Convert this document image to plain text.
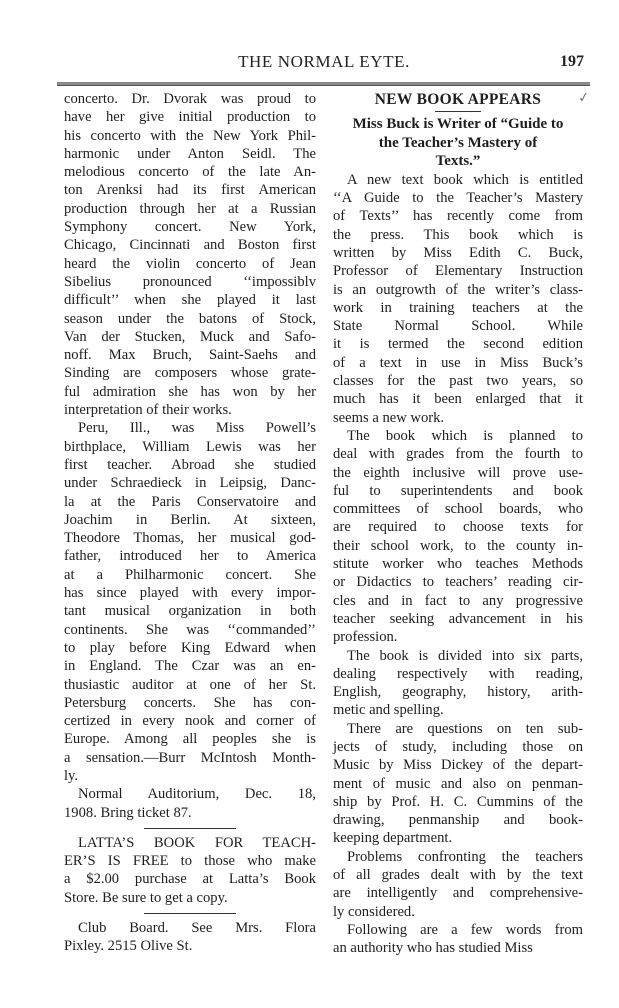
THE NORMAL EYTE.	197
✓
concerto. Dr. Dvorak was proud to
have her give initial production to
his concerto with the New York Phil-
harmonic under Anton Seidl. The
melodious concerto of the late An-
ton Arenksi had its first American
production through her at a Russian
Symphony concert. New York,
Chicago, Cincinnati and Boston first
heard the violin concerto of Jean
Sibelius pronounced ‘‘impossiblv
difficult’’ when she played it last
season under the batons of Stock,
Van der Stucken, Muck and Safo-
noff. Max Bruch, Saint-Saehs and
Sinding are composers whose grate-
ful admiration she has won by her
interpretation of their works.
Peru, Ill., was Miss Powell’s
birthplace, William Lewis was her
first teacher. Abroad she studied
under Schraedieck in Leipsig, Danc-
la at the Paris Conservatoire and
Joachim in Berlin. At sixteen,
Theodore Thomas, her musical god-
father, introduced her to America
at a Philharmonic concert. She
has since played with every impor-
tant musical organization in both
continents. She was ‘‘commanded’’
to play before King Edward when
in England. The Czar was an en-
thusiastic auditor at one of her St.
Petersburg concerts. She has con-
certized in every nook and corner of
Europe. Among all peoples she is
a sensation.—Burr McIntosh Month-
ly.
Normal Auditorium, Dec. 18,
1908. Bring ticket 87.
LATTA’S BOOK FOR TEACH-
ER’S IS FREE to those who make
a $2.00 purchase at Latta’s Book
Store. Be sure to get a copy.
Club Board. See Mrs. Flora
Pixley. 2515 Olive St.
NEW BOOK APPEARS
Miss Buck is Writer of “Guide to
the Teacher’s Mastery of
Texts.”
A new text book which is entitled
‘‘A Guide to the Teacher’s Mastery
of Texts’’ has recently come from
the press. This book which is
written by Miss Edith C. Buck,
Professor of Elementary Instruction
is an outgrowth of the writer’s class-
work in training teachers at the
State Normal School. While
it is termed the second edition
of a text in use in Miss Buck’s
classes for the past two years, so
much has it been enlarged that it
seems a new work.
The book which is planned to
deal with grades from the fourth to
the eighth inclusive will prove use-
ful to superintendents and book
committees of school boards, who
are required to choose texts for
their school work, to the county in-
stitute worker who teaches Methods
or Didactics to teachers’ reading cir-
cles and in fact to any progressive
teacher seeking advancement in his
profession.
The book is divided into six parts,
dealing respectively with reading,
English, geography, history, arith-
metic and spelling.
There are questions on ten sub-
jects of study, including those on
Music by Miss Dickey of the depart-
ment of music and also on penman-
ship by Prof. H. C. Cummins of the
drawing, penmanship and book-
keeping department.
Problems confronting the teachers
of all grades dealt with by the text
are intelligently and comprehensive-
ly considered.
Following are a few words from
an authority who has studied Miss
